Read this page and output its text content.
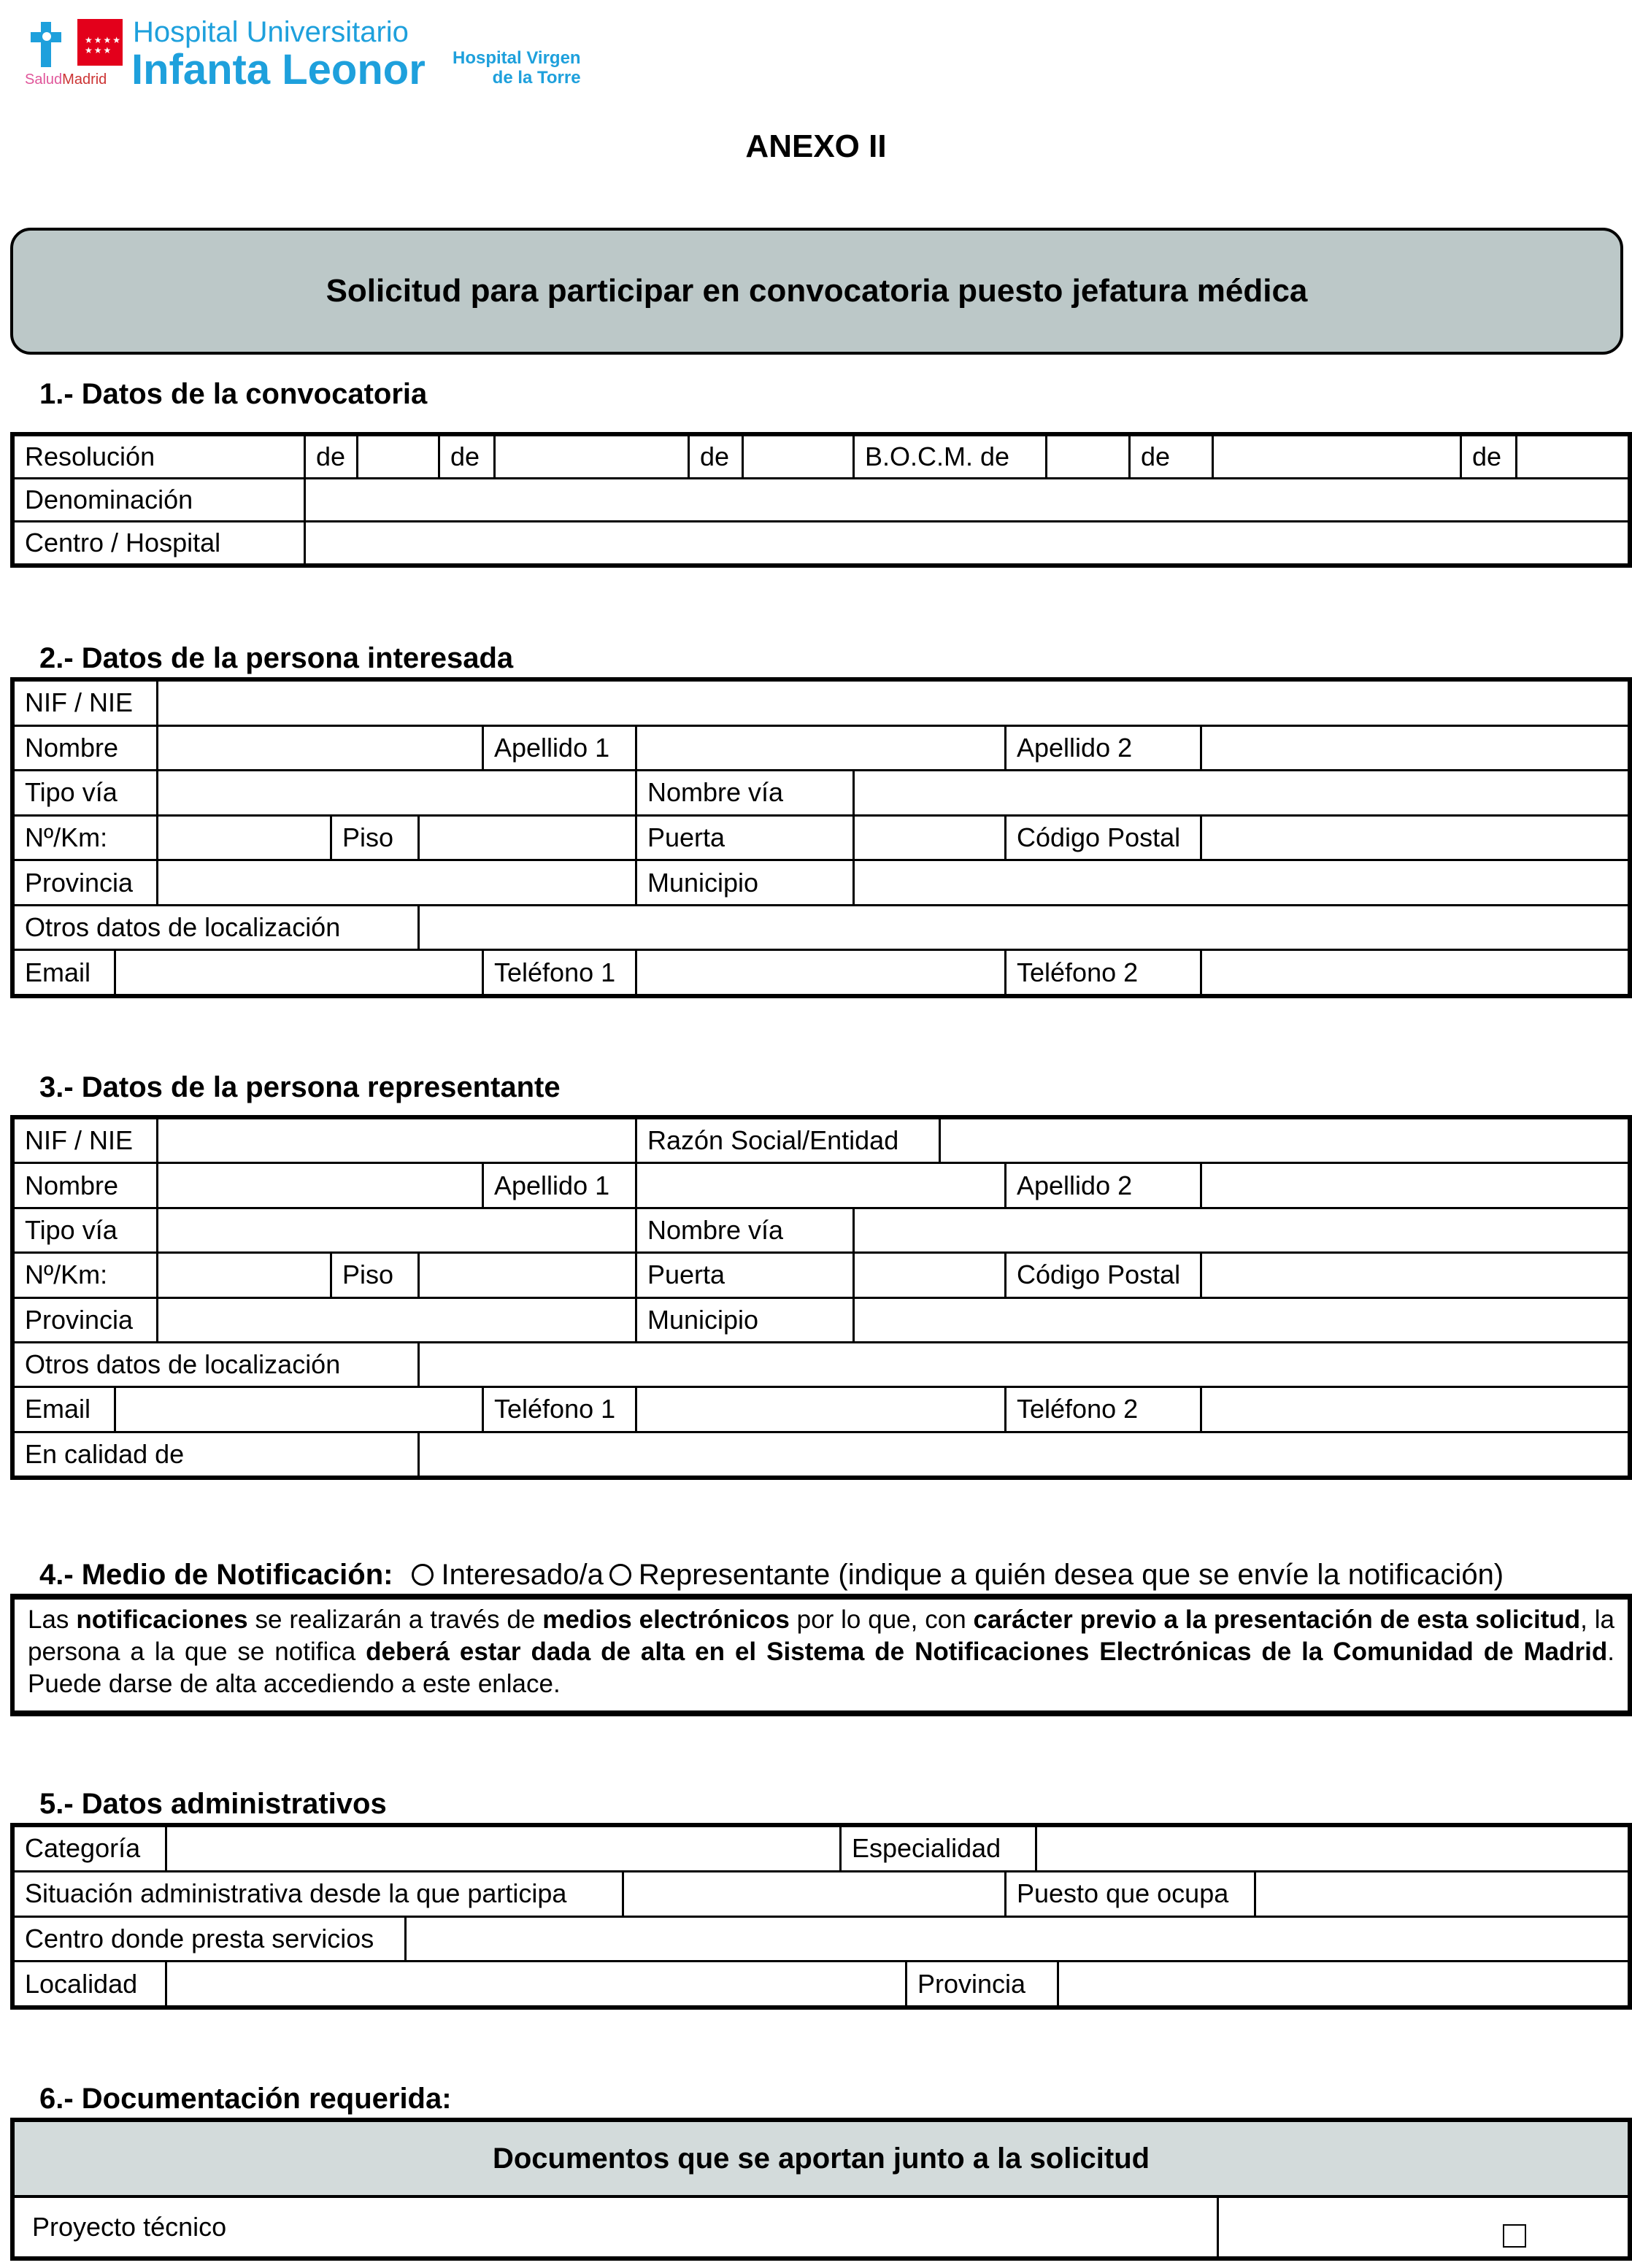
★★★★
★★★
SaludMadrid
Hospital Universitario
Infanta Leonor Hospital Virgen
de la Torre
ANEXO II
Solicitud para participar en convocatoria puesto jefatura médica
1.- Datos de la convocatoria
Resolución	de	de	de	B.O.C.M. de	de	de
Denominación
Centro / Hospital
2.- Datos de la persona interesada
NIF / NIE
Nombre	Apellido 1	Apellido 2
Tipo vía	Nombre vía
Nº/Km:	Piso	Puerta	Código Postal
Provincia	Municipio
Otros datos de localización
Email	Teléfono 1	Teléfono 2
3.- Datos de la persona representante
NIF / NIE	Razón Social/Entidad
Nombre	Apellido 1	Apellido 2
Tipo vía	Nombre vía
Nº/Km:	Piso	Puerta	Código Postal
Provincia	Municipio
Otros datos de localización
Email	Teléfono 1	Teléfono 2
En calidad de
4.- Medio de Notificación: Interesado/a Representante (indique a quién desea que se envíe la notificación)
Las notificaciones se realizarán a través de medios electrónicos por lo que, con carácter previo a la presentación de esta solicitud, la persona a la que se notifica deberá estar dada de alta en el Sistema de Notificaciones Electrónicas de la Comunidad de Madrid. Puede darse de alta accediendo a este enlace.
5.- Datos administrativos
Categoría	Especialidad
Situación administrativa desde la que participa	Puesto que ocupa
Centro donde presta servicios
Localidad	Provincia
6.- Documentación requerida:
Documentos que se aportan junto a la solicitud
Proyecto técnico
